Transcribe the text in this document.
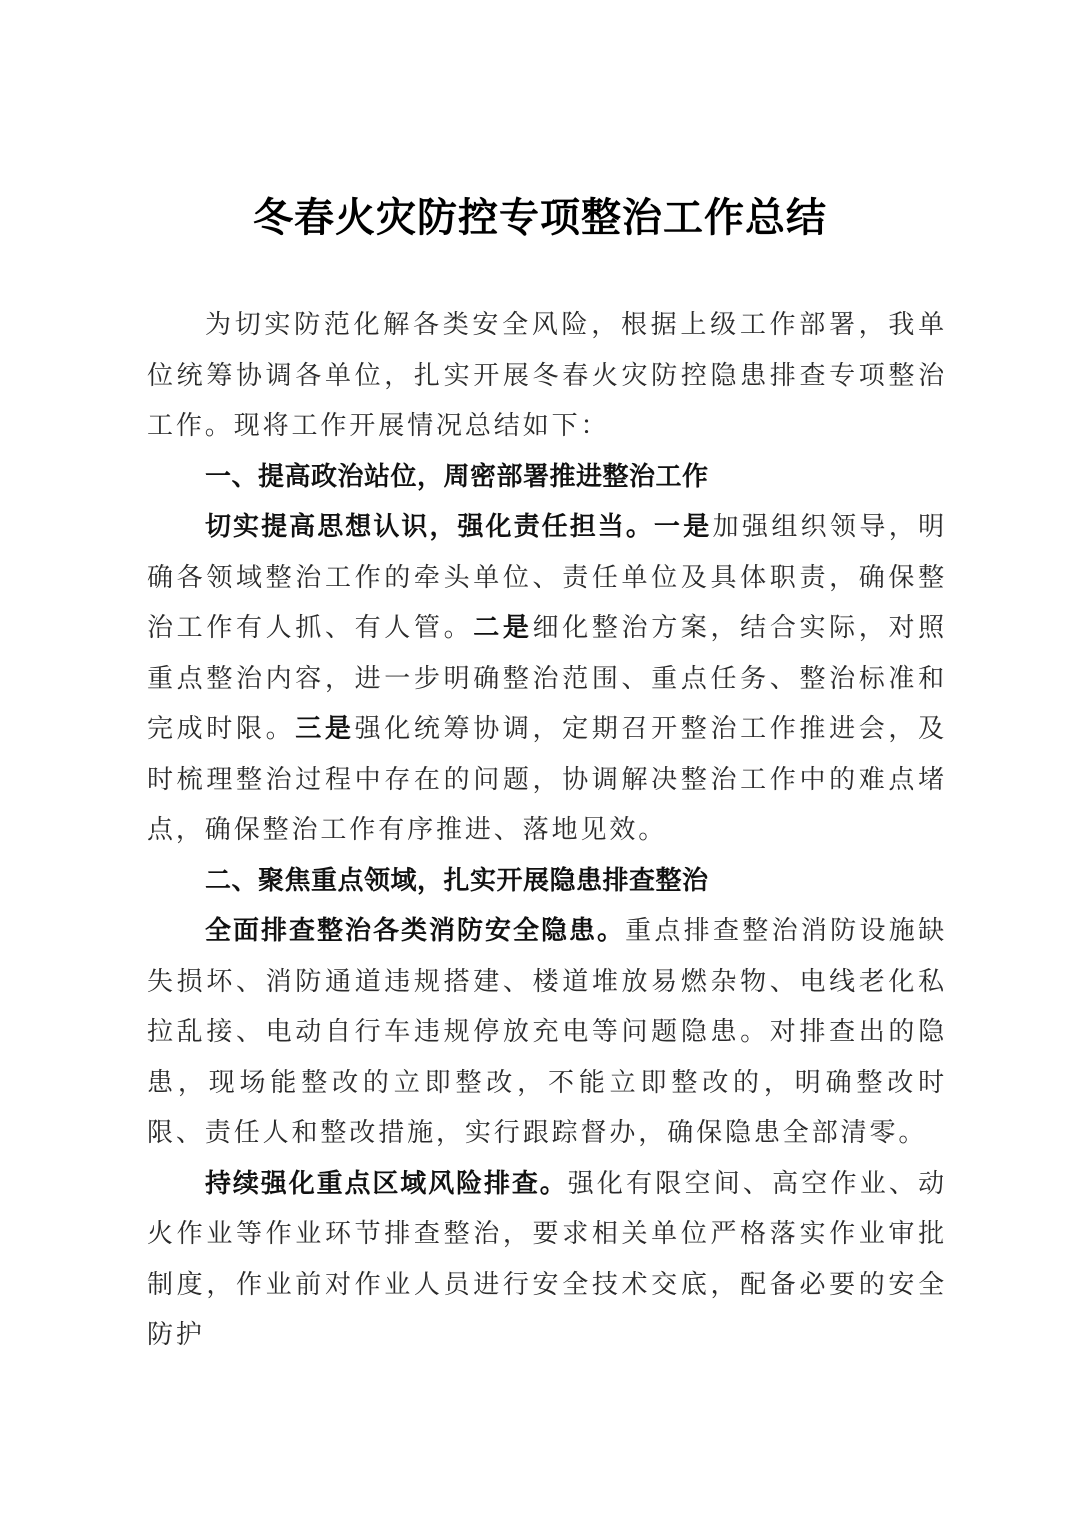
冬春火灾防控专项整治工作总结

为切实防范化解各类安全风险，根据上级工作部署，我单位统筹协调各单位，扎实开展冬春火灾防控隐患排查专项整治工作。现将工作开展情况总结如下：

一、提高政治站位，周密部署推进整治工作

切实提高思想认识，强化责任担当。一是加强组织领导，明确各领域整治工作的牵头单位、责任单位及具体职责，确保整治工作有人抓、有人管。二是细化整治方案，结合实际，对照重点整治内容，进一步明确整治范围、重点任务、整治标准和完成时限。三是强化统筹协调，定期召开整治工作推进会，及时梳理整治过程中存在的问题，协调解决整治工作中的难点堵点，确保整治工作有序推进、落地见效。

二、聚焦重点领域，扎实开展隐患排查整治

全面排查整治各类消防安全隐患。重点排查整治消防设施缺失损坏、消防通道违规搭建、楼道堆放易燃杂物、电线老化私拉乱接、电动自行车违规停放充电等问题隐患。对排查出的隐患，现场能整改的立即整改，不能立即整改的，明确整改时限、责任人和整改措施，实行跟踪督办，确保隐患全部清零。

持续强化重点区域风险排查。强化有限空间、高空作业、动火作业等作业环节排查整治，要求相关单位严格落实作业审批制度，作业前对作业人员进行安全技术交底，配备必要的安全防护
